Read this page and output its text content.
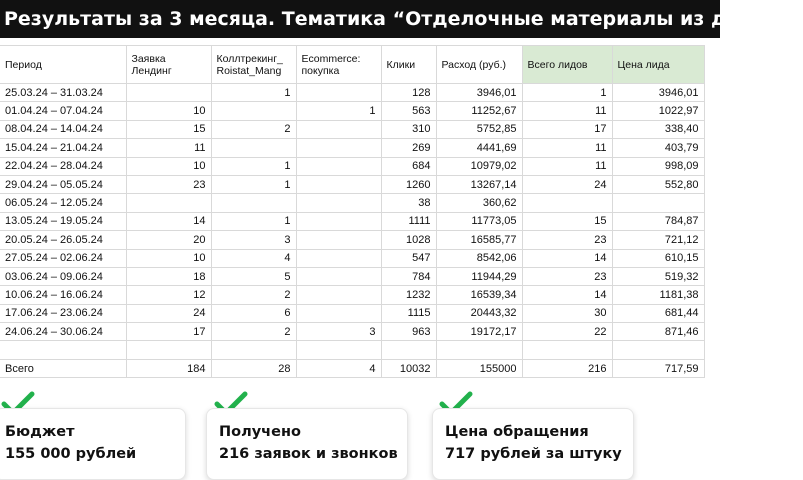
Результаты за 3 месяца. Тематика “Отделочные материалы из дерева”
Период	Заявка Лендинг	Коллтрекинг_ Roistat_Mang	Ecommerce: покупка	Клики	Расход (руб.)	Всего лидов	Цена лида
25.03.24 – 31.03.24		1		128	3946,01	1	3946,01
01.04.24 – 07.04.24	10		1	563	11252,67	11	1022,97
08.04.24 – 14.04.24	15	2		310	5752,85	17	338,40
15.04.24 – 21.04.24	11			269	4441,69	11	403,79
22.04.24 – 28.04.24	10	1		684	10979,02	11	998,09
29.04.24 – 05.05.24	23	1		1260	13267,14	24	552,80
06.05.24 – 12.05.24				38	360,62		
13.05.24 – 19.05.24	14	1		1111	11773,05	15	784,87
20.05.24 – 26.05.24	20	3		1028	16585,77	23	721,12
27.05.24 – 02.06.24	10	4		547	8542,06	14	610,15
03.06.24 – 09.06.24	18	5		784	11944,29	23	519,32
10.06.24 – 16.06.24	12	2		1232	16539,34	14	1181,38
17.06.24 – 23.06.24	24	6		1115	20443,32	30	681,44
24.06.24 – 30.06.24	17	2	3	963	19172,17	22	871,46

Всего	184	28	4	10032	155000	216	717,59
Бюджет
155 000 рублей
Получено
216 заявок и звонков
Цена обращения
717 рублей за штуку
